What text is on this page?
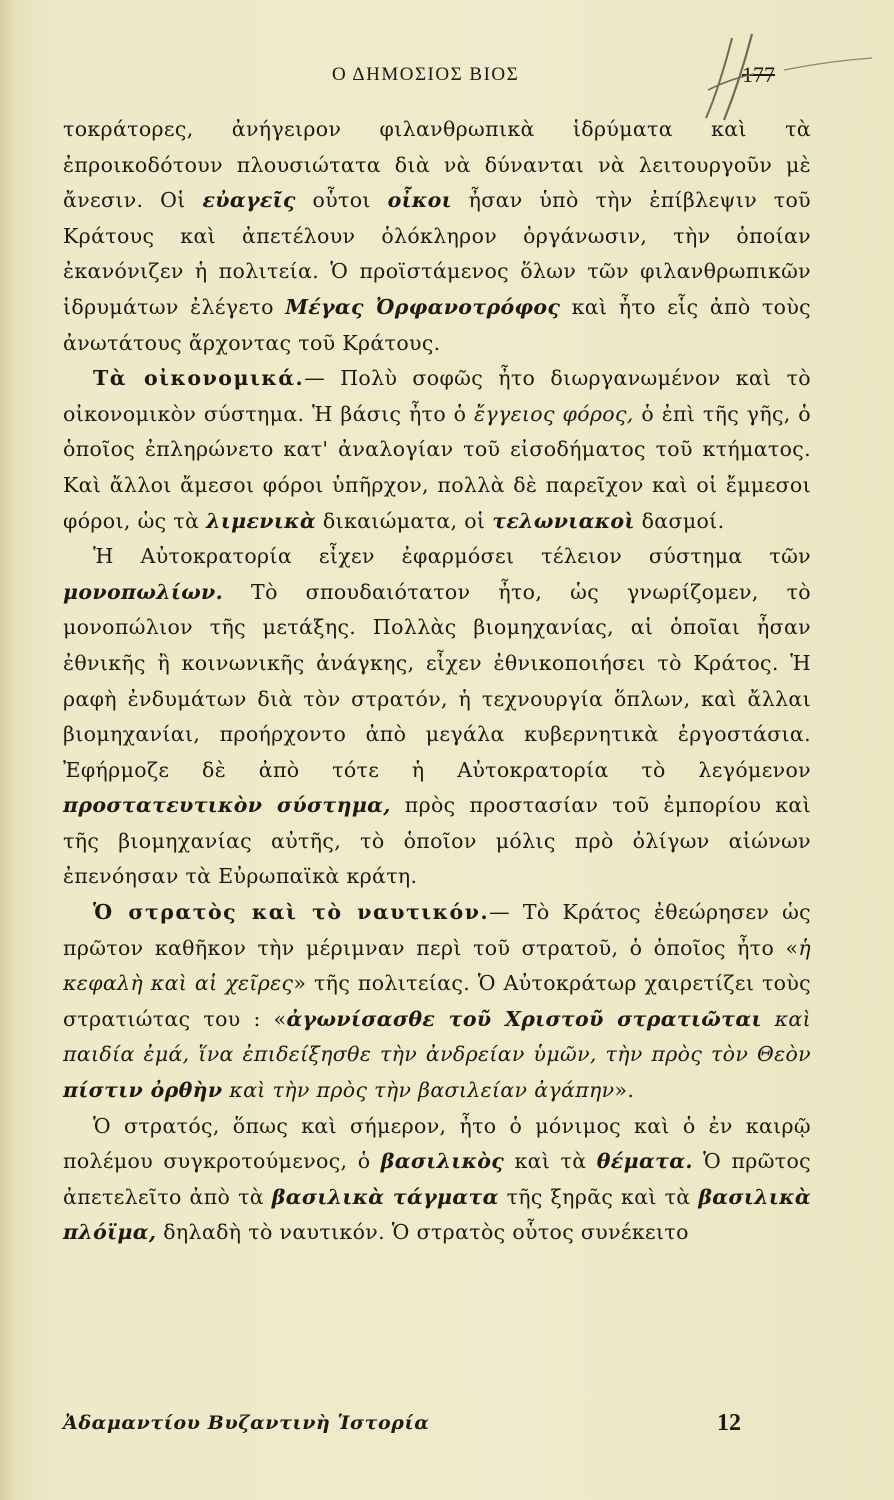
Ο ΔΗΜΟΣΙΟΣ ΒΙΟΣ	177

τοκράτορες, ἀνήγειρον φιλανθρωπικὰ ἱδρύματα καὶ τὰ ἐπροικοδότουν πλουσιώτατα διὰ νὰ δύνανται νὰ λειτουργοῦν μὲ ἄνεσιν. Οἱ εὐαγεῖς οὗτοι οἶκοι ἦσαν ὑπὸ τὴν ἐπίβλεψιν τοῦ Κράτους καὶ ἀπετέλουν ὁλόκληρον ὀργάνωσιν, τὴν ὁποίαν ἐκανόνιζεν ἡ πολιτεία. Ὁ προϊστάμενος ὅλων τῶν φιλανθρωπικῶν ἱδρυμάτων ἐλέγετο Μέγας Ὀρφανοτρόφος καὶ ἦτο εἷς ἀπὸ τοὺς ἀνωτάτους ἄρχοντας τοῦ Κράτους.

Τὰ οἰκονομικά.— Πολὺ σοφῶς ἦτο διωργανωμένον καὶ τὸ οἰκονομικὸν σύστημα. Ἡ βάσις ἦτο ὁ ἔγγειος φόρος, ὁ ἐπὶ τῆς γῆς, ὁ ὁποῖος ἐπληρώνετο κατ' ἀναλογίαν τοῦ εἰσοδήματος τοῦ κτήματος. Καὶ ἄλλοι ἄμεσοι φόροι ὑπῆρχον, πολλὰ δὲ παρεῖχον καὶ οἱ ἔμμεσοι φόροι, ὡς τὰ λιμενικὰ δικαιώματα, οἱ τελωνιακοὶ δασμοί.

Ἡ Αὐτοκρατορία εἶχεν ἐφαρμόσει τέλειον σύστημα τῶν μονοπωλίων. Τὸ σπουδαιότατον ἦτο, ὡς γνωρίζομεν, τὸ μονοπώλιον τῆς μετάξης. Πολλὰς βιομηχανίας, αἱ ὁποῖαι ἦσαν ἐθνικῆς ἢ κοινωνικῆς ἀνάγκης, εἶχεν ἐθνικοποιήσει τὸ Κράτος. Ἡ ραφὴ ἐνδυμάτων διὰ τὸν στρατόν, ἡ τεχνουργία ὅπλων, καὶ ἄλλαι βιομηχανίαι, προήρχοντο ἀπὸ μεγάλα κυβερνητικὰ ἐργοστάσια. Ἐφήρμοζε δὲ ἀπὸ τότε ἡ Αὐτοκρατορία τὸ λεγόμενον προστατευτικὸν σύστημα, πρὸς προστασίαν τοῦ ἐμπορίου καὶ τῆς βιομηχανίας αὐτῆς, τὸ ὁποῖον μόλις πρὸ ὀλίγων αἰώνων ἐπενόησαν τὰ Εὐρωπαϊκὰ κράτη.

Ὁ στρατὸς καὶ τὸ ναυτικόν.— Τὸ Κράτος ἐθεώρησεν ὡς πρῶτον καθῆκον τὴν μέριμναν περὶ τοῦ στρατοῦ, ὁ ὁποῖος ἦτο «ἡ κεφαλὴ καὶ αἱ χεῖρες» τῆς πολιτείας. Ὁ Αὐτοκράτωρ χαιρετίζει τοὺς στρατιώτας του : «ἀγωνίσασθε τοῦ Χριστοῦ στρατιῶται καὶ παιδία ἐμά, ἵνα ἐπιδείξησθε τὴν ἀνδρείαν ὑμῶν, τὴν πρὸς τὸν Θεὸν πίστιν ὀρθὴν καὶ τὴν πρὸς τὴν βασιλείαν ἀγάπην».

Ὁ στρατός, ὅπως καὶ σήμερον, ἦτο ὁ μόνιμος καὶ ὁ ἐν καιρῷ πολέμου συγκροτούμενος, ὁ βασιλικὸς καὶ τὰ θέματα. Ὁ πρῶτος ἀπετελεῖτο ἀπὸ τὰ βασιλικὰ τάγματα τῆς ξηρᾶς καὶ τὰ βασιλικὰ πλόϊμα, δηλαδὴ τὸ ναυτικόν. Ὁ στρατὸς οὗτος συνέκειτο

Ἀδαμαντίου Βυζαντινὴ Ἱστορία	12
